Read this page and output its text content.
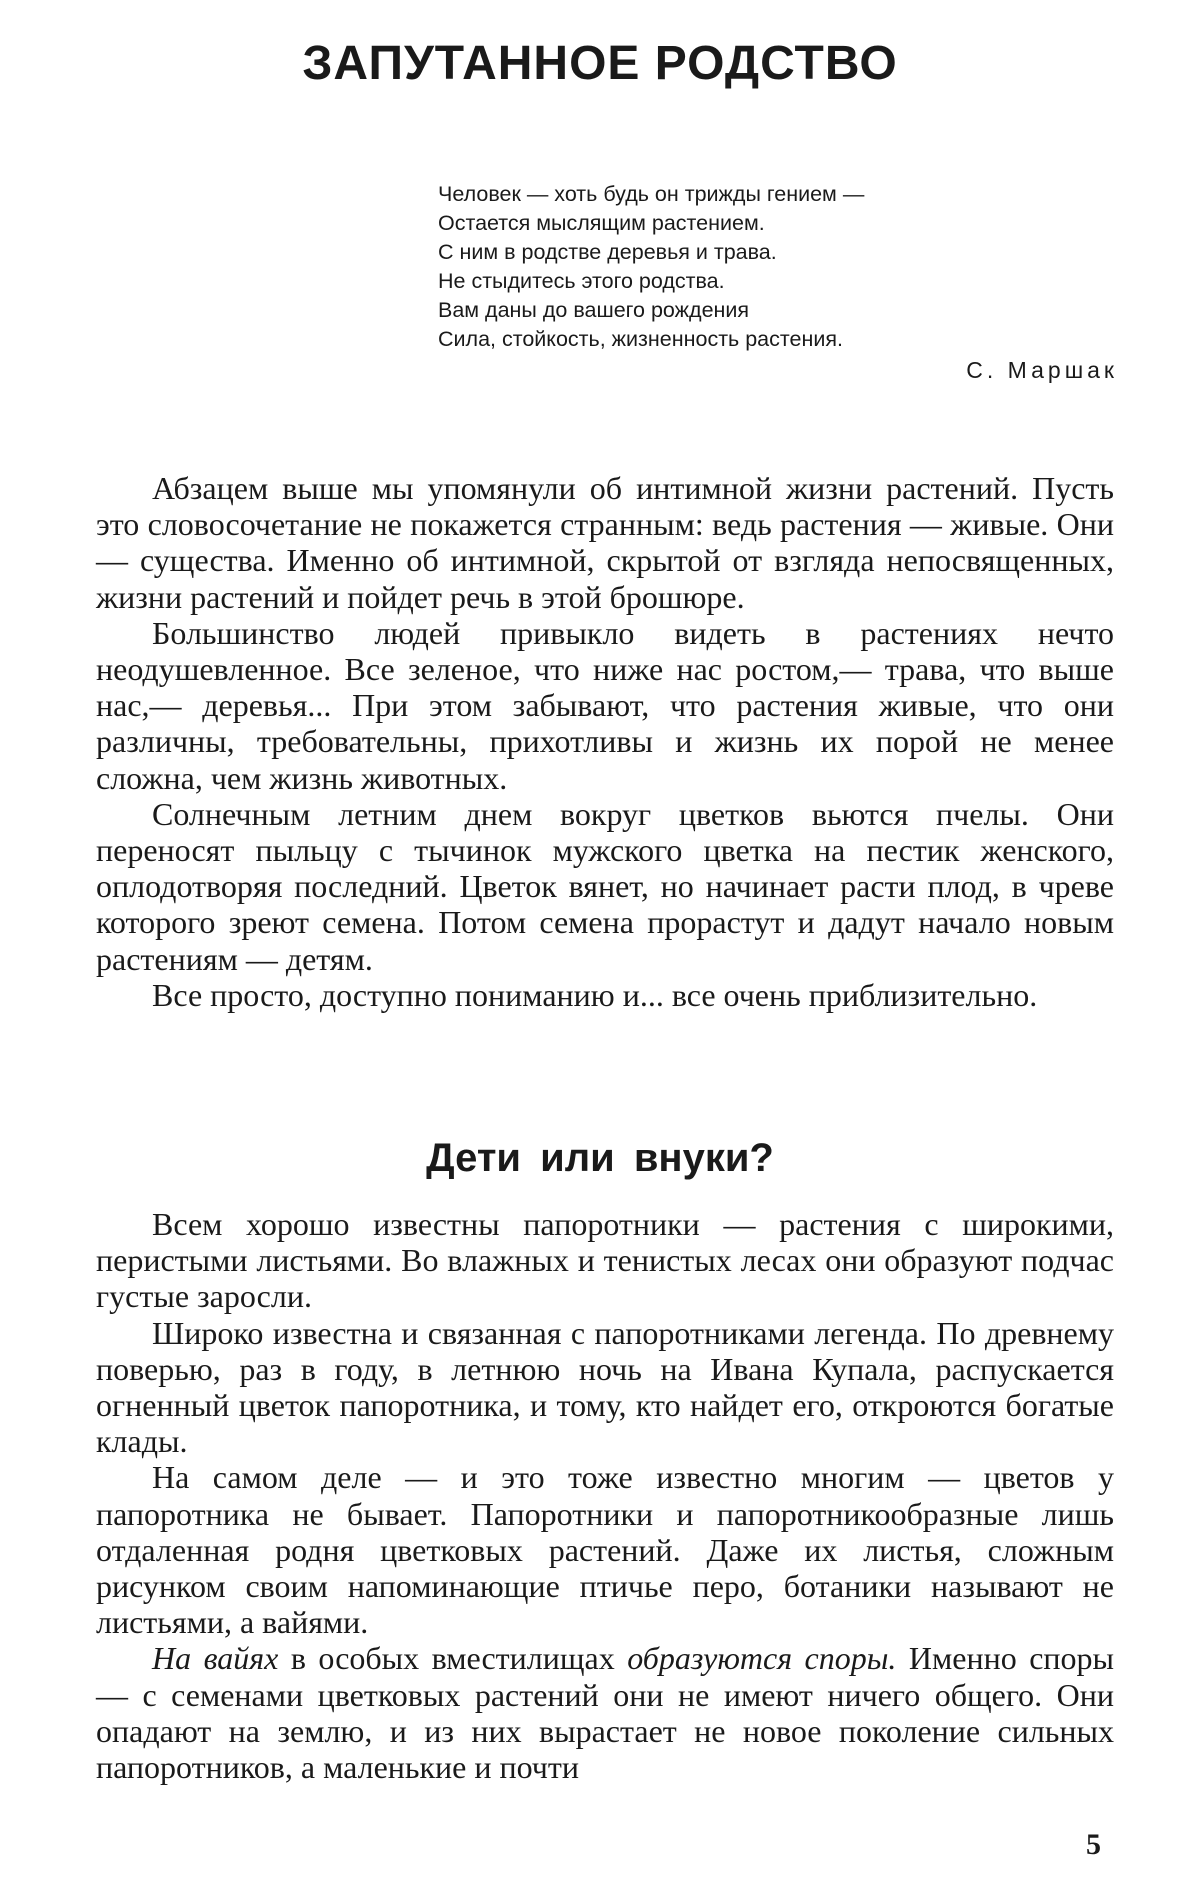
ЗАПУТАННОЕ РОДСТВО
Человек — хоть будь он трижды гением —
Остается мыслящим растением.
С ним в родстве деревья и трава.
Не стыдитесь этого родства.
Вам даны до вашего рождения
Сила, стойкость, жизненность растения.
С. Маршак

Абзацем выше мы упомянули об интимной жизни растений. Пусть это словосочетание не покажется странным: ведь растения — живые. Они — существа. Именно об интимной, скрытой от взгляда непосвященных, жизни растений и пойдет речь в этой брошюре.

Большинство людей привыкло видеть в растениях нечто неодушевленное. Все зеленое, что ниже нас ростом,— трава, что выше нас,— деревья... При этом забывают, что растения живые, что они различны, требовательны, прихотливы и жизнь их порой не менее сложна, чем жизнь животных.

Солнечным летним днем вокруг цветков вьются пчелы. Они переносят пыльцу с тычинок мужского цветка на пестик женского, оплодотворяя последний. Цветок вянет, но начинает расти плод, в чреве которого зреют семена. Потом семена прорастут и дадут начало новым растениям — детям.

Все просто, доступно пониманию и... все очень приблизительно.

Дети или внуки?

Всем хорошо известны папоротники — растения с широкими, перистыми листьями. Во влажных и тенистых лесах они образуют подчас густые заросли.

Широко известна и связанная с папоротниками легенда. По древнему поверью, раз в году, в летнюю ночь на Ивана Купала, распускается огненный цветок папоротника, и тому, кто найдет его, откроются богатые клады.

На самом деле — и это тоже известно многим — цветов у папоротника не бывает. Папоротники и папоротникообразные лишь отдаленная родня цветковых растений. Даже их листья, сложным рисунком своим напоминающие птичье перо, ботаники называют не листьями, а вайями.

На вайях в особых вместилищах образуются споры. Именно споры — с семенами цветковых растений они не имеют ничего общего. Они опадают на землю, и из них вырастает не новое поколение сильных папоротников, а маленькие и почти

5
